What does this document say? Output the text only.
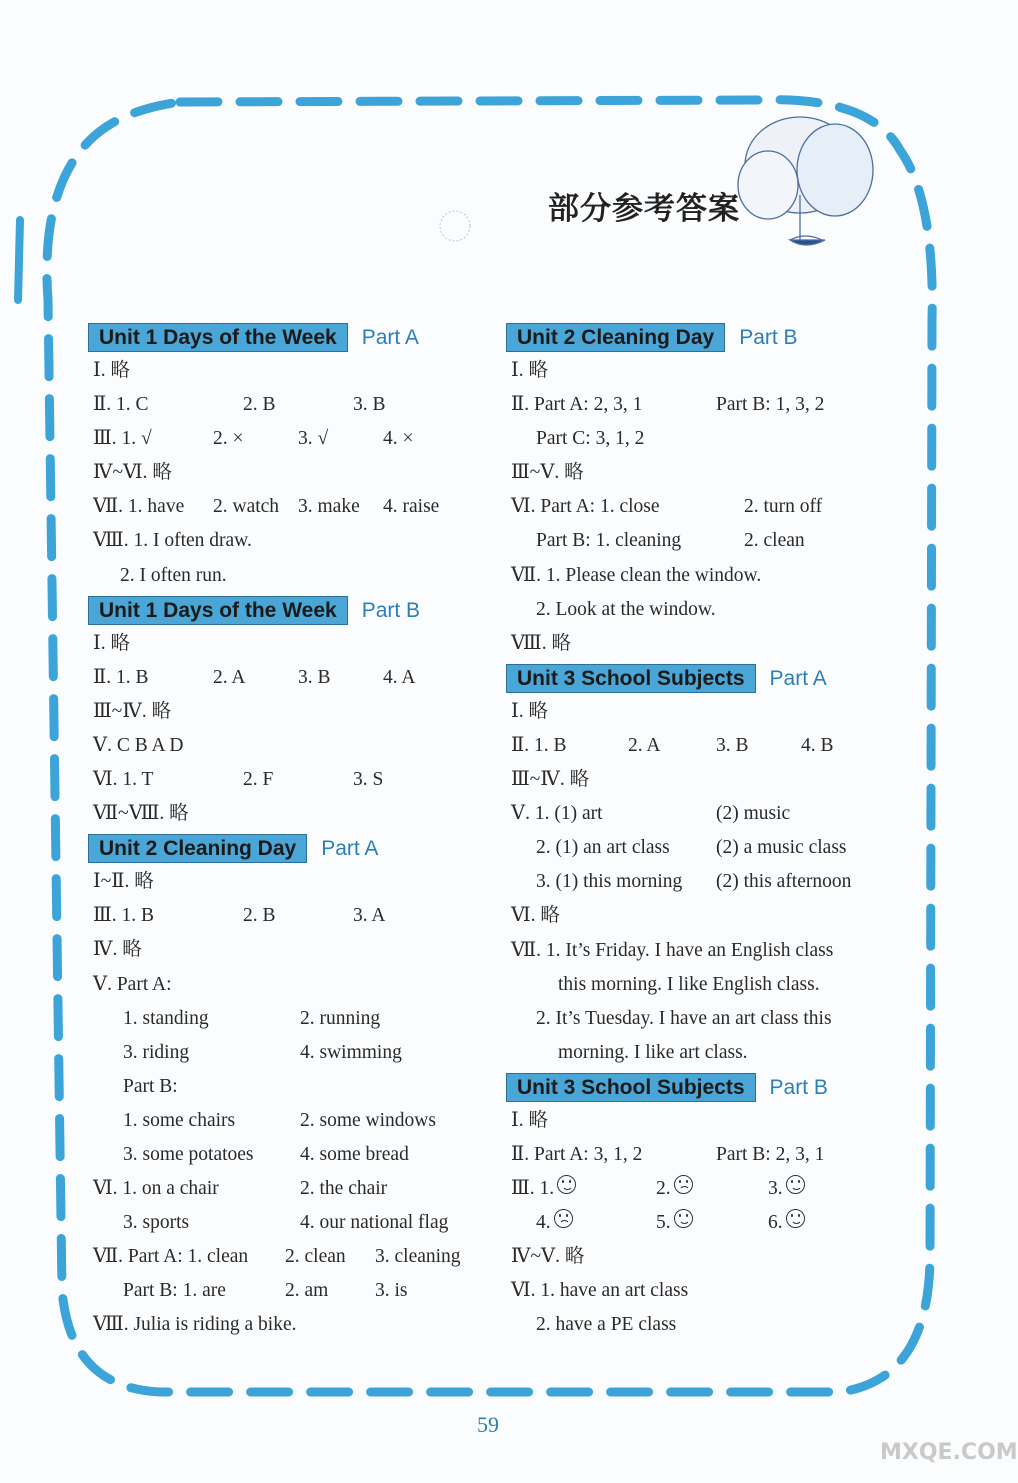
部分参考答案
Unit 1 Days of the Week Part A
Ⅰ. 略
Ⅱ. 1. C	2. B	3. B
Ⅲ. 1. √	2. ×	3. √	4. ×
Ⅳ~Ⅵ. 略
Ⅶ. 1. have 2. watch 3. make 4. raise
Ⅷ. 1. I often draw.
2. I often run.
Unit 1 Days of the Week Part B
Ⅰ. 略
Ⅱ. 1. B	2. A	3. B	4. A
Ⅲ~Ⅳ. 略
Ⅴ. C B A D
Ⅵ. 1. T	2. F	3. S
Ⅶ~Ⅷ. 略
Unit 2 Cleaning Day Part A
Ⅰ~Ⅱ. 略
Ⅲ. 1. B	2. B	3. A
Ⅳ. 略
Ⅴ. Part A:
1. standing	2. running
3. riding	4. swimming
Part B:
1. some chairs	2. some windows
3. some potatoes 4. some bread
Ⅵ. 1. on a chair	2. the chair
3. sports	4. our national flag
Ⅶ. Part A: 1. clean 2. clean 3. cleaning
Part B: 1. are	2. am 3. is
Ⅷ. Julia is riding a bike.
Unit 2 Cleaning Day Part B
Ⅰ. 略
Ⅱ. Part A: 2, 3, 1	Part B: 1, 3, 2
Part C: 3, 1, 2
Ⅲ~Ⅴ. 略
Ⅵ. Part A: 1. close	2. turn off
Part B: 1. cleaning	2. clean
Ⅶ. 1. Please clean the window.
2. Look at the window.
Ⅷ. 略
Unit 3 School Subjects Part A
Ⅰ. 略
Ⅱ. 1. B	2. A	3. B	4. B
Ⅲ~Ⅳ. 略
Ⅴ. 1. (1) art	(2) music
2. (1) an art class (2) a music class
3. (1) this morning (2) this afternoon
Ⅵ. 略
Ⅶ. 1. It’s Friday. I have an English class
this morning. I like English class.
2. It’s Tuesday. I have an art class this
morning. I like art class.
Unit 3 School Subjects Part B
Ⅰ. 略
Ⅱ. Part A: 3, 1, 2	Part B: 2, 3, 1
Ⅲ. 1.	2.	3.
4.	5.	6.
Ⅳ~Ⅴ. 略
Ⅵ. 1. have an art class
2. have a PE class
59
MXQE.COM
